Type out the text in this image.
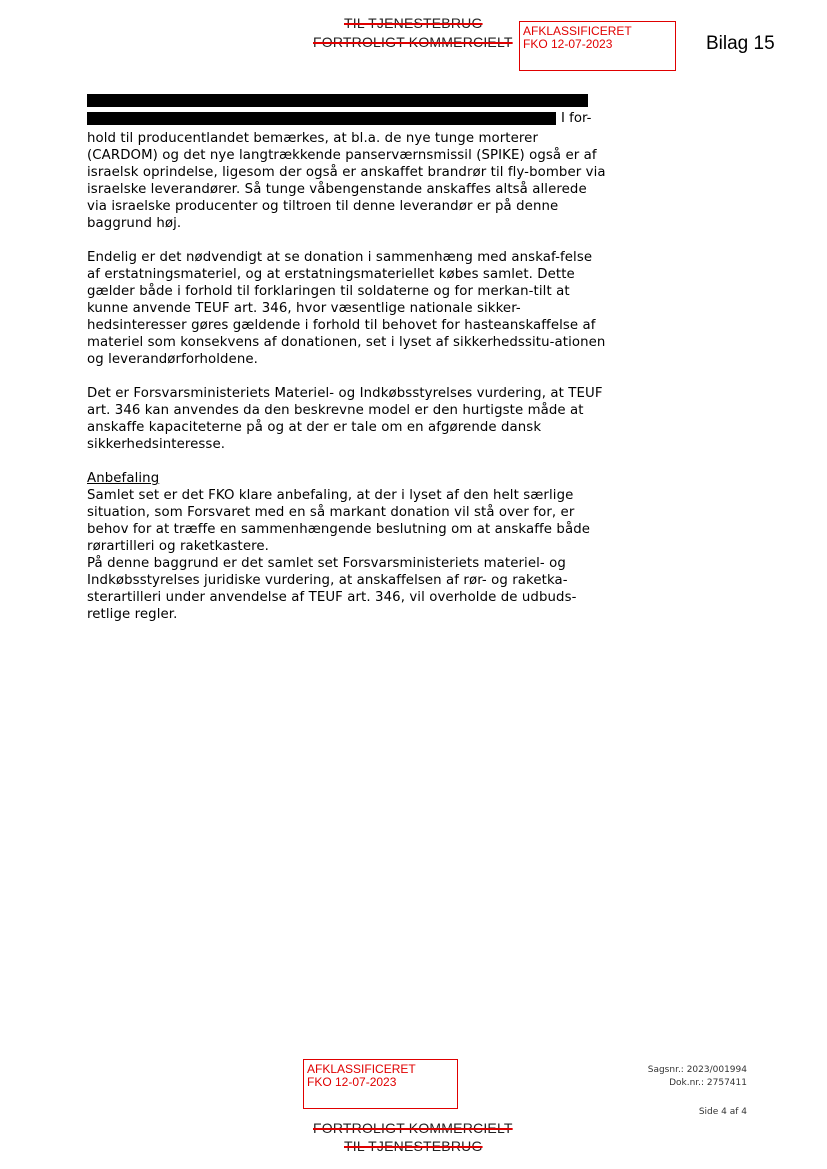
TIL TJENESTEBRUG
FORTROLIGT KOMMERCIELT
AFKLASSIFICERET
FKO 12-07-2023	Bilag 15
I for-

hold til producentlandet bemærkes, at bl.a. de nye tunge morterer (CARDOM) og det nye langtrækkende panserværnsmissil (SPIKE) også er af israelsk oprindelse, ligesom der også er anskaffet brandrør til fly-bomber via israelske leverandører. Så tunge våbengenstande anskaffes altså allerede via israelske producenter og tiltroen til denne leverandør er på denne baggrund høj.

Endelig er det nødvendigt at se donation i sammenhæng med anskaf-felse af erstatningsmateriel, og at erstatningsmateriellet købes samlet. Dette gælder både i forhold til forklaringen til soldaterne og for merkan-tilt at kunne anvende TEUF art. 346, hvor væsentlige nationale sikker-hedsinteresser gøres gældende i forhold til behovet for hasteanskaffelse af materiel som konsekvens af donationen, set i lyset af sikkerhedssitu-ationen og leverandørforholdene.

Det er Forsvarsministeriets Materiel- og Indkøbsstyrelses vurdering, at TEUF art. 346 kan anvendes da den beskrevne model er den hurtigste måde at anskaffe kapaciteterne på og at der er tale om en afgørende dansk sikkerhedsinteresse.

Anbefaling
Samlet set er det FKO klare anbefaling, at der i lyset af den helt særlige situation, som Forsvaret med en så markant donation vil stå over for, er behov for at træffe en sammenhængende beslutning om at anskaffe både rørartilleri og raketkastere.
På denne baggrund er det samlet set Forsvarsministeriets materiel- og Indkøbsstyrelses juridiske vurdering, at anskaffelsen af rør- og raketka-sterartilleri under anvendelse af TEUF art. 346, vil overholde de udbuds-retlige regler.
AFKLASSIFICERET
FKO 12-07-2023
Sagsnr.: 2023/001994
Dok.nr.: 2757411
Side 4 af 4
FORTROLIGT KOMMERCIELT
TIL TJENESTEBRUG
